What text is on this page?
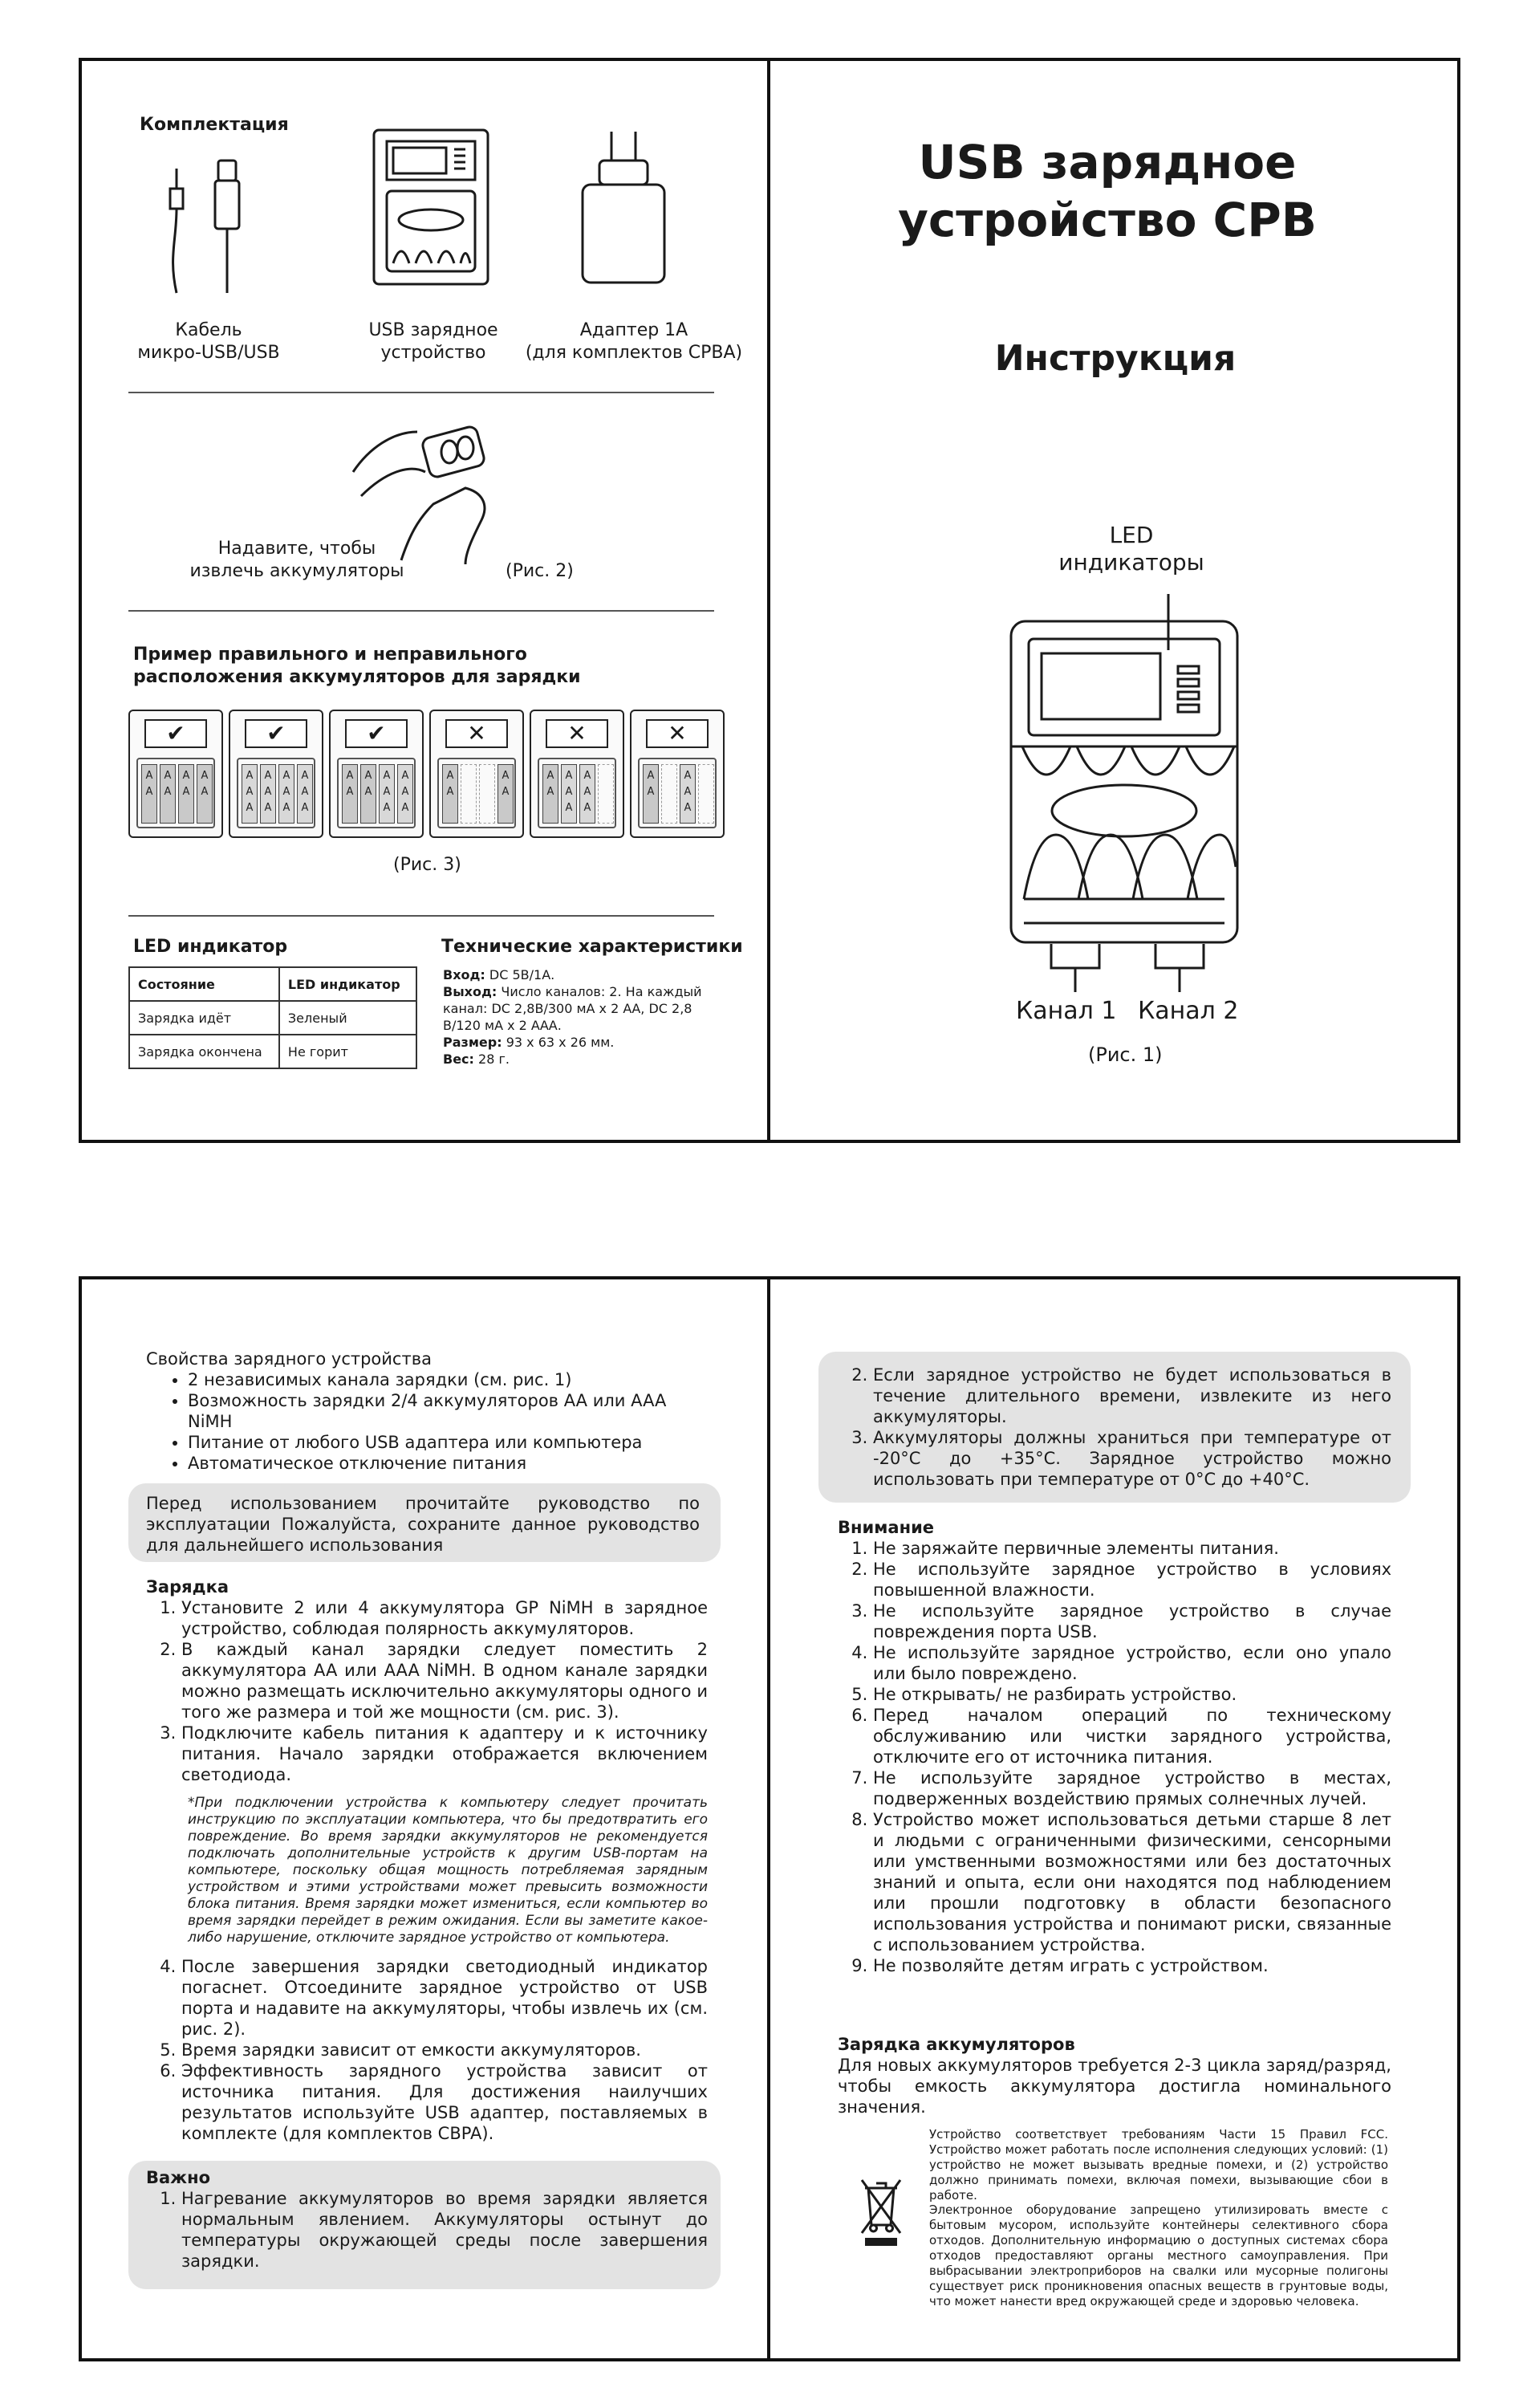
Комплектация
Кабель
микро-USB/USB
USB зарядное
устройство
Адаптер 1А
(для комплектов CPBA)
Надавите, чтобы
извлечь аккумуляторы	(Рис. 2)
Пример правильного и неправильного
расположения аккумуляторов для зарядки
✔
A
A
A
A
A
A
A
A
✔
A
A
A
A
A
A
A
A
A
A
A
A
✔
A
A
A
A
A
A
A
A
A
A
✕
A
A
A
A
✕
A
A
A
A
A
A
A
A
✕
A
A
A
A
A
(Рис. 3)
LED индикатор
Состояние	LED индикатор
Зарядка идёт	Зеленый
Зарядка окончена	Не горит
Технические характеристики
Вход: DC 5В/1А.
Выход: Число каналов: 2. На каждый канал: DC 2,8В/300 мА х 2 АА, DC 2,8 В/120 мА х 2 ААА.
Размер: 93 x 63 x 26 мм.
Вес: 28 г.
USB зарядное
устройство CPB
Инструкция
LED
индикаторы
Канал 1 Канал 2
(Рис. 1)
Свойства зарядного устройства
• 2 независимых канала зарядки (см. рис. 1)
• Возможность зарядки 2/4 аккумуляторов AA или AAA NiMH
• Питание от любого USB адаптера или компьютера
• Автоматическое отключение питания
Перед использованием прочитайте руководство по эксплуатации Пожалуйста, сохраните данное руководство для дальнейшего использования
Зарядка
1. Установите 2 или 4 аккумулятора GP NiMH в зарядное устройство, соблюдая полярность аккумуляторов.
2. В каждый канал зарядки следует поместить 2 аккумулятора AA или AAA NiMH. В одном канале зарядки можно размещать исключительно аккумуляторы одного и того же размера и той же мощности (см. рис. 3).
3. Подключите кабель питания к адаптеру и к источнику питания. Начало зарядки отображается включением светодиода.
*При подключении устройства к компьютеру следует прочитать инструкцию по эксплуатации компьютера, что бы предотвратить его повреждение. Во время зарядки аккумуляторов не рекомендуется подключать дополнительные устройств к другим USB-портам на компьютере, поскольку общая мощность потребляемая зарядным устройством и этими устройствами может превысить возможности блока питания. Время зарядки может измениться, если компьютер во время зарядки перейдет в режим ожидания. Если вы заметите какое-либо нарушение, отключите зарядное устройство от компьютера.
4. После завершения зарядки светодиодный индикатор погаснет. Отсоедините зарядное устройство от USB порта и надавите на аккумуляторы, чтобы извлечь их (см. рис. 2).
5. Время зарядки зависит от емкости аккумуляторов.
6. Эффективность зарядного устройства зависит от источника питания. Для достижения наилучших результатов используйте USB адаптер, поставляемых в комплекте (для комплектов CBPA).
Важно
1. Нагревание аккумуляторов во время зарядки является нормальным явлением. Аккумуляторы остынут до температуры окружающей среды после завершения зарядки.
2. Если зарядное устройство не будет использоваться в течение длительного времени, извлеките из него аккумуляторы.
3. Аккумуляторы должны храниться при температуре от -20°C до +35°C. Зарядное устройство можно использовать при температуре от 0°C до +40°C.
Внимание
1. Не заряжайте первичные элементы питания.
2. Не используйте зарядное устройство в условиях повышенной влажности.
3. Не используйте зарядное устройство в случае повреждения порта USB.
4. Не используйте зарядное устройство, если оно упало или было повреждено.
5. Не открывать/ не разбирать устройство.
6. Перед началом операций по техническому обслуживанию или чистки зарядного устройства, отключите его от источника питания.
7. Не используйте зарядное устройство в местах, подверженных воздействию прямых солнечных лучей.
8. Устройство может использоваться детьми старше 8 лет и людьми с ограниченными физическими, сенсорными или умственными возможностями или без достаточных знаний и опыта, если они находятся под наблюдением или прошли подготовку в области безопасного использования устройства и понимают риски, связанные с использованием устройства.
9. Не позволяйте детям играть с устройством.
Зарядка аккумуляторов
Для новых аккумуляторов требуется 2-3 цикла заряд/разряд, чтобы емкость аккумулятора достигла номинального значения.
Устройство соответствует требованиям Части 15 Правил FCC. Устройство может работать после исполнения следующих условий: (1) устройство не может вызывать вредные помехи, и (2) устройство должно принимать помехи, включая помехи, вызывающие сбои в работе.
Электронное оборудование запрещено утилизировать вместе с бытовым мусором, используйте контейнеры селективного сбора отходов. Дополнительную информацию о доступных системах сбора отходов предоставляют органы местного самоуправления. При выбрасывании электроприборов на свалки или мусорные полигоны существует риск проникновения опасных веществ в грунтовые воды, что может нанести вред окружающей среде и здоровью человека.
